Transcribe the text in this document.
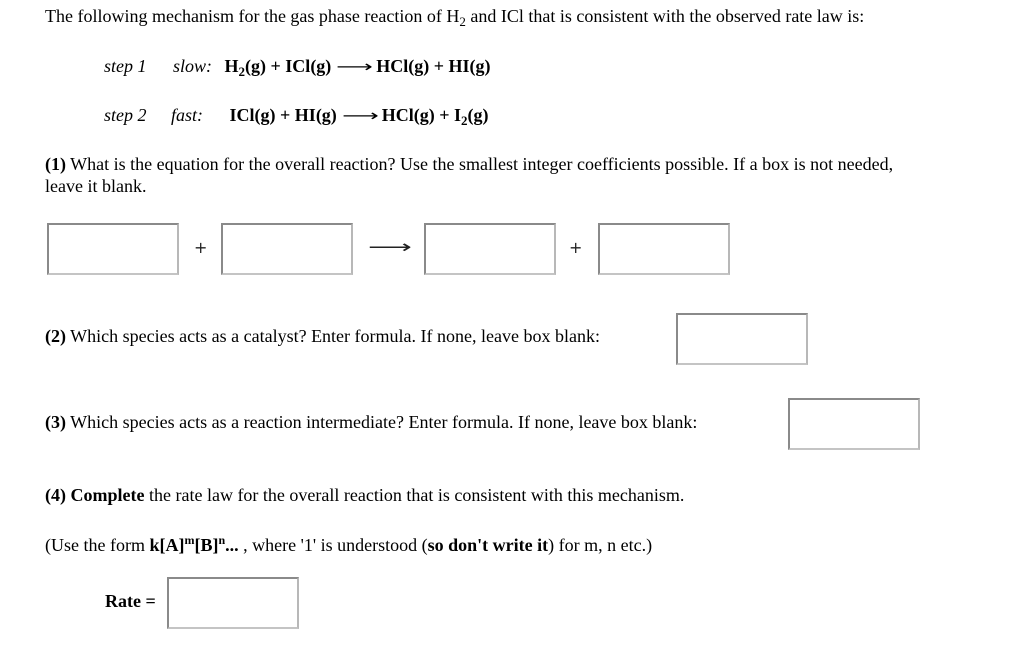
The following mechanism for the gas phase reaction of $H_2$ and ICl that is consistent with the observed rate law is:
step 1 slow: $H_2(g) + ICl(g)$ ⟶ HCl(g) + HI(g)
step 2 fast: ICl(g) + HI(g) ⟶ $HCl(g) + I_2(g)$
(1) What is the equation for the overall reaction? Use the smallest integer coefficients possible. If a box is not needed,
leave it blank.
+	⟶	+
(2) Which species acts as a catalyst? Enter formula. If none, leave box blank:
(3) Which species acts as a reaction intermediate? Enter formula. If none, leave box blank:
(4) Complete the rate law for the overall reaction that is consistent with this mechanism.
(Use the form $k[A]^m[B]^n$... , where '1' is understood (so don't write it) for m, n etc.)
Rate =
